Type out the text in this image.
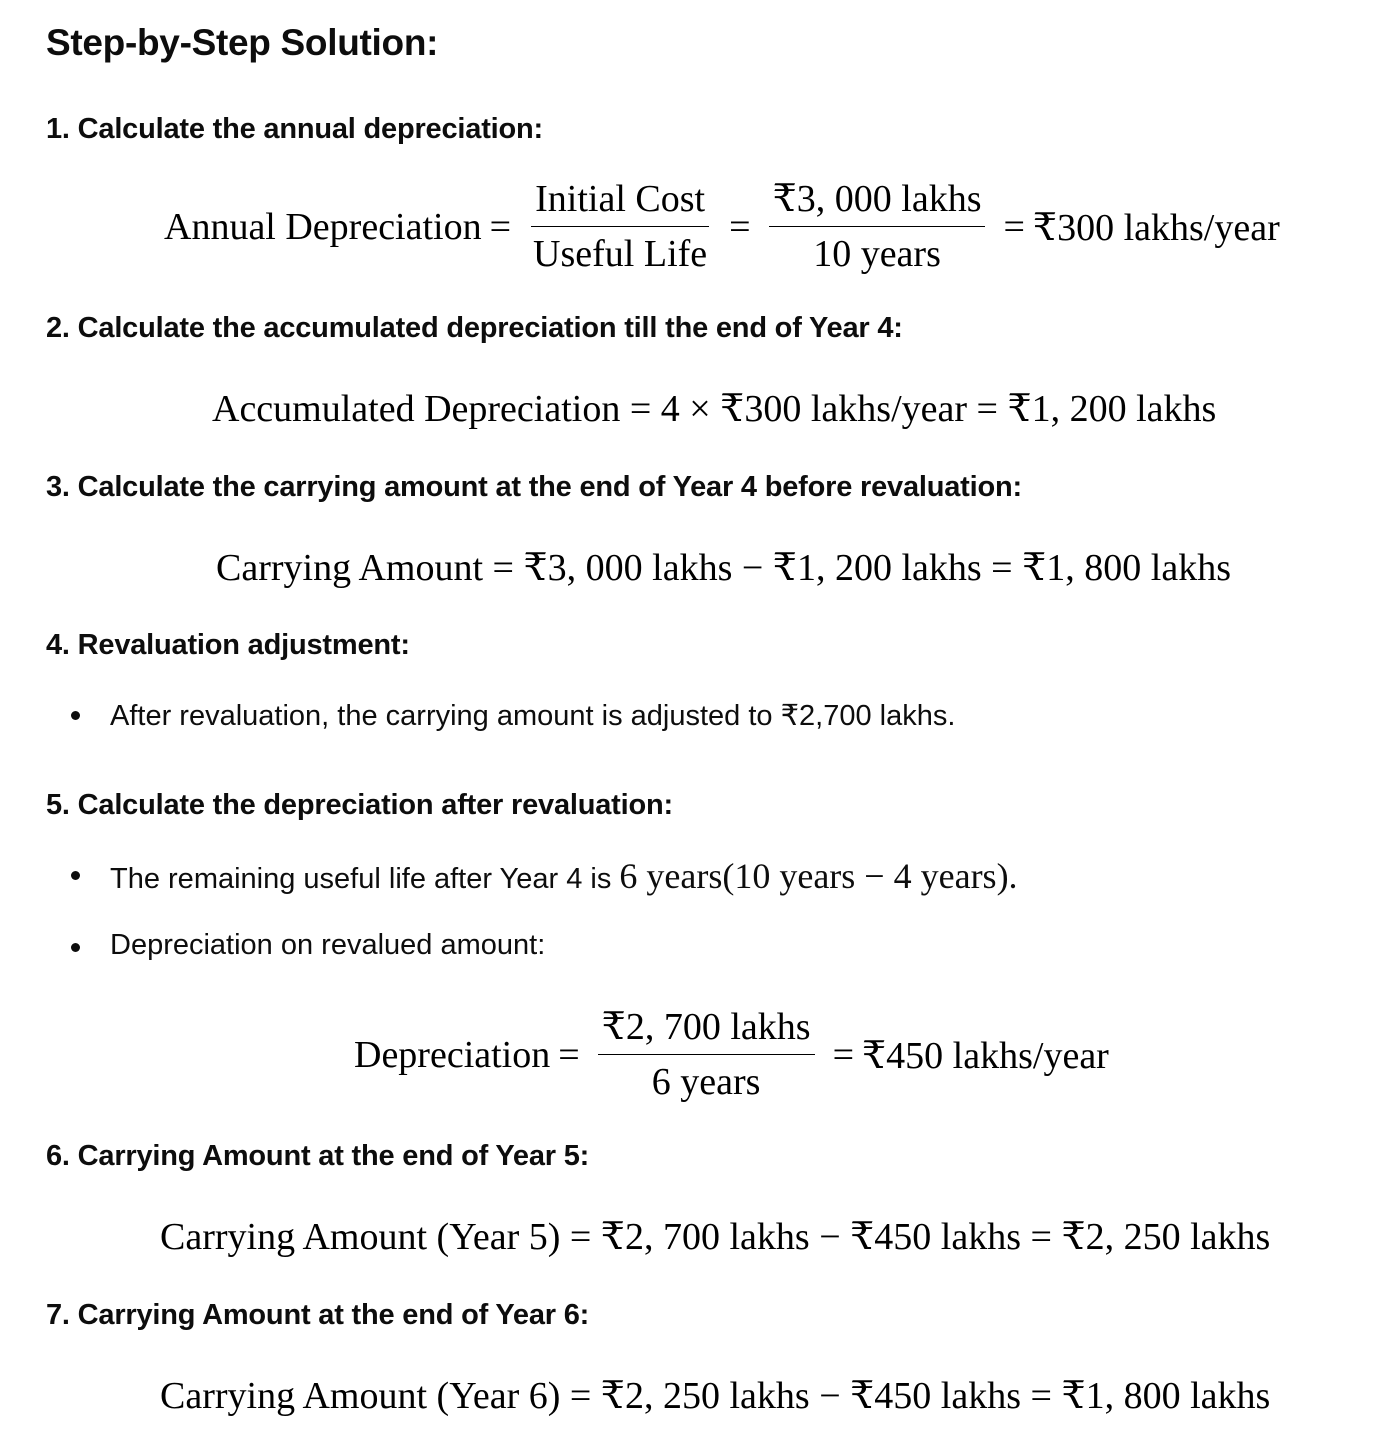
Step-by-Step Solution:
1. Calculate the annual depreciation:
Annual Depreciation = $\frac{\text{Initial Cost}}{\text{Useful Life}} = \frac{\text{₹3, 000 lakhs}}{\text{10 years}}$ = ₹300 lakhs/year
2. Calculate the accumulated depreciation till the end of Year 4:
Accumulated Depreciation = 4 × ₹300 lakhs/year = ₹1, 200 lakhs
3. Calculate the carrying amount at the end of Year 4 before revaluation:
Carrying Amount = ₹3, 000 lakhs − ₹1, 200 lakhs = ₹1, 800 lakhs
4. Revaluation adjustment:
After revaluation, the carrying amount is adjusted to ₹2,700 lakhs.
5. Calculate the depreciation after revaluation:
The remaining useful life after Year 4 is 6 years(10 years − 4 years).
Depreciation on revalued amount:
Depreciation = $\frac{\text{₹2, 700 lakhs}}{\text{6 years}}$ = ₹450 lakhs/year
6. Carrying Amount at the end of Year 5:
Carrying Amount (Year 5) = ₹2, 700 lakhs − ₹450 lakhs = ₹2, 250 lakhs
7. Carrying Amount at the end of Year 6:
Carrying Amount (Year 6) = ₹2, 250 lakhs − ₹450 lakhs = ₹1, 800 lakhs
